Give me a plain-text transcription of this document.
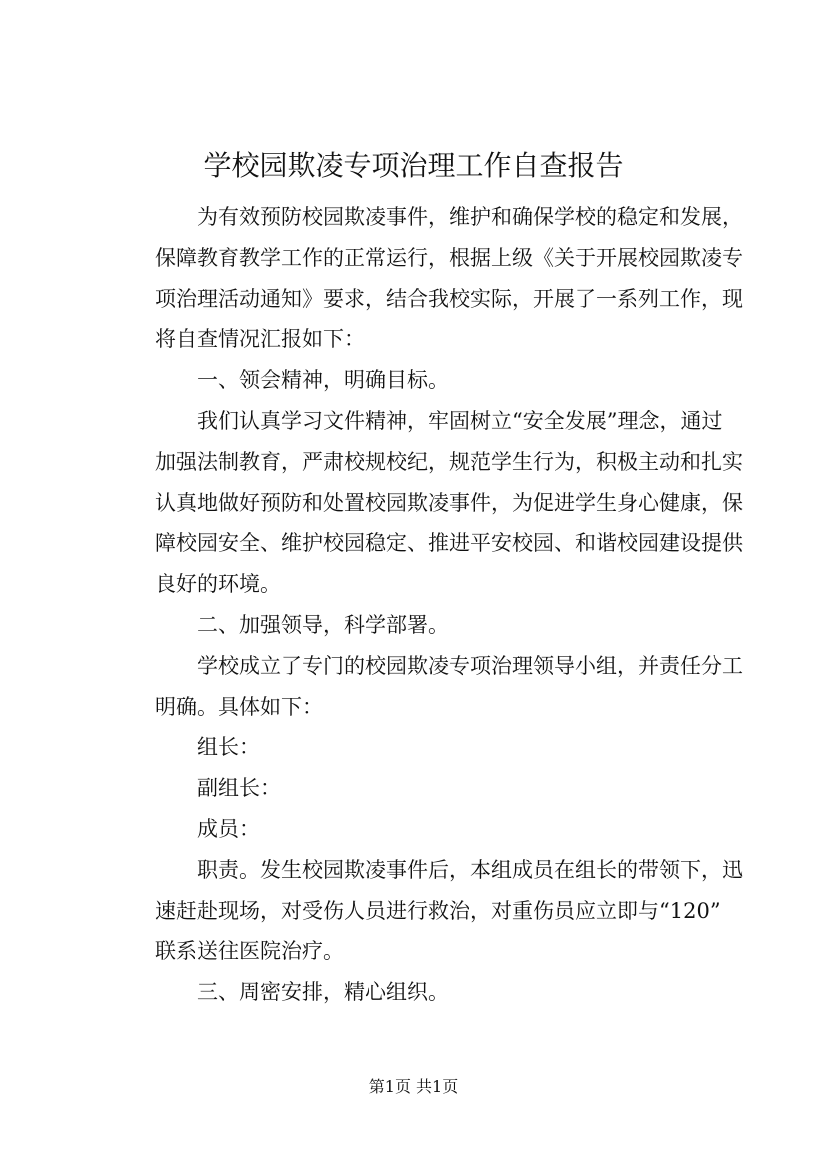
学校园欺凌专项治理工作自查报告
为有效预防校园欺凌事件，维护和确保学校的稳定和发展，
保障教育教学工作的正常运行，根据上级《关于开展校园欺凌专
项治理活动通知》要求，结合我校实际，开展了一系列工作，现
将自查情况汇报如下：
一、领会精神，明确目标。
我们认真学习文件精神，牢固树立“安全发展”理念，通过
加强法制教育，严肃校规校纪，规范学生行为，积极主动和扎实
认真地做好预防和处置校园欺凌事件，为促进学生身心健康，保
障校园安全、维护校园稳定、推进平安校园、和谐校园建设提供
良好的环境。
二、加强领导，科学部署。
学校成立了专门的校园欺凌专项治理领导小组，并责任分工
明确。具体如下：
组长：
副组长：
成员：
职责。发生校园欺凌事件后，本组成员在组长的带领下，迅
速赶赴现场，对受伤人员进行救治，对重伤员应立即与“120”
联系送往医院治疗。
三、周密安排，精心组织。
第1页 共1页
